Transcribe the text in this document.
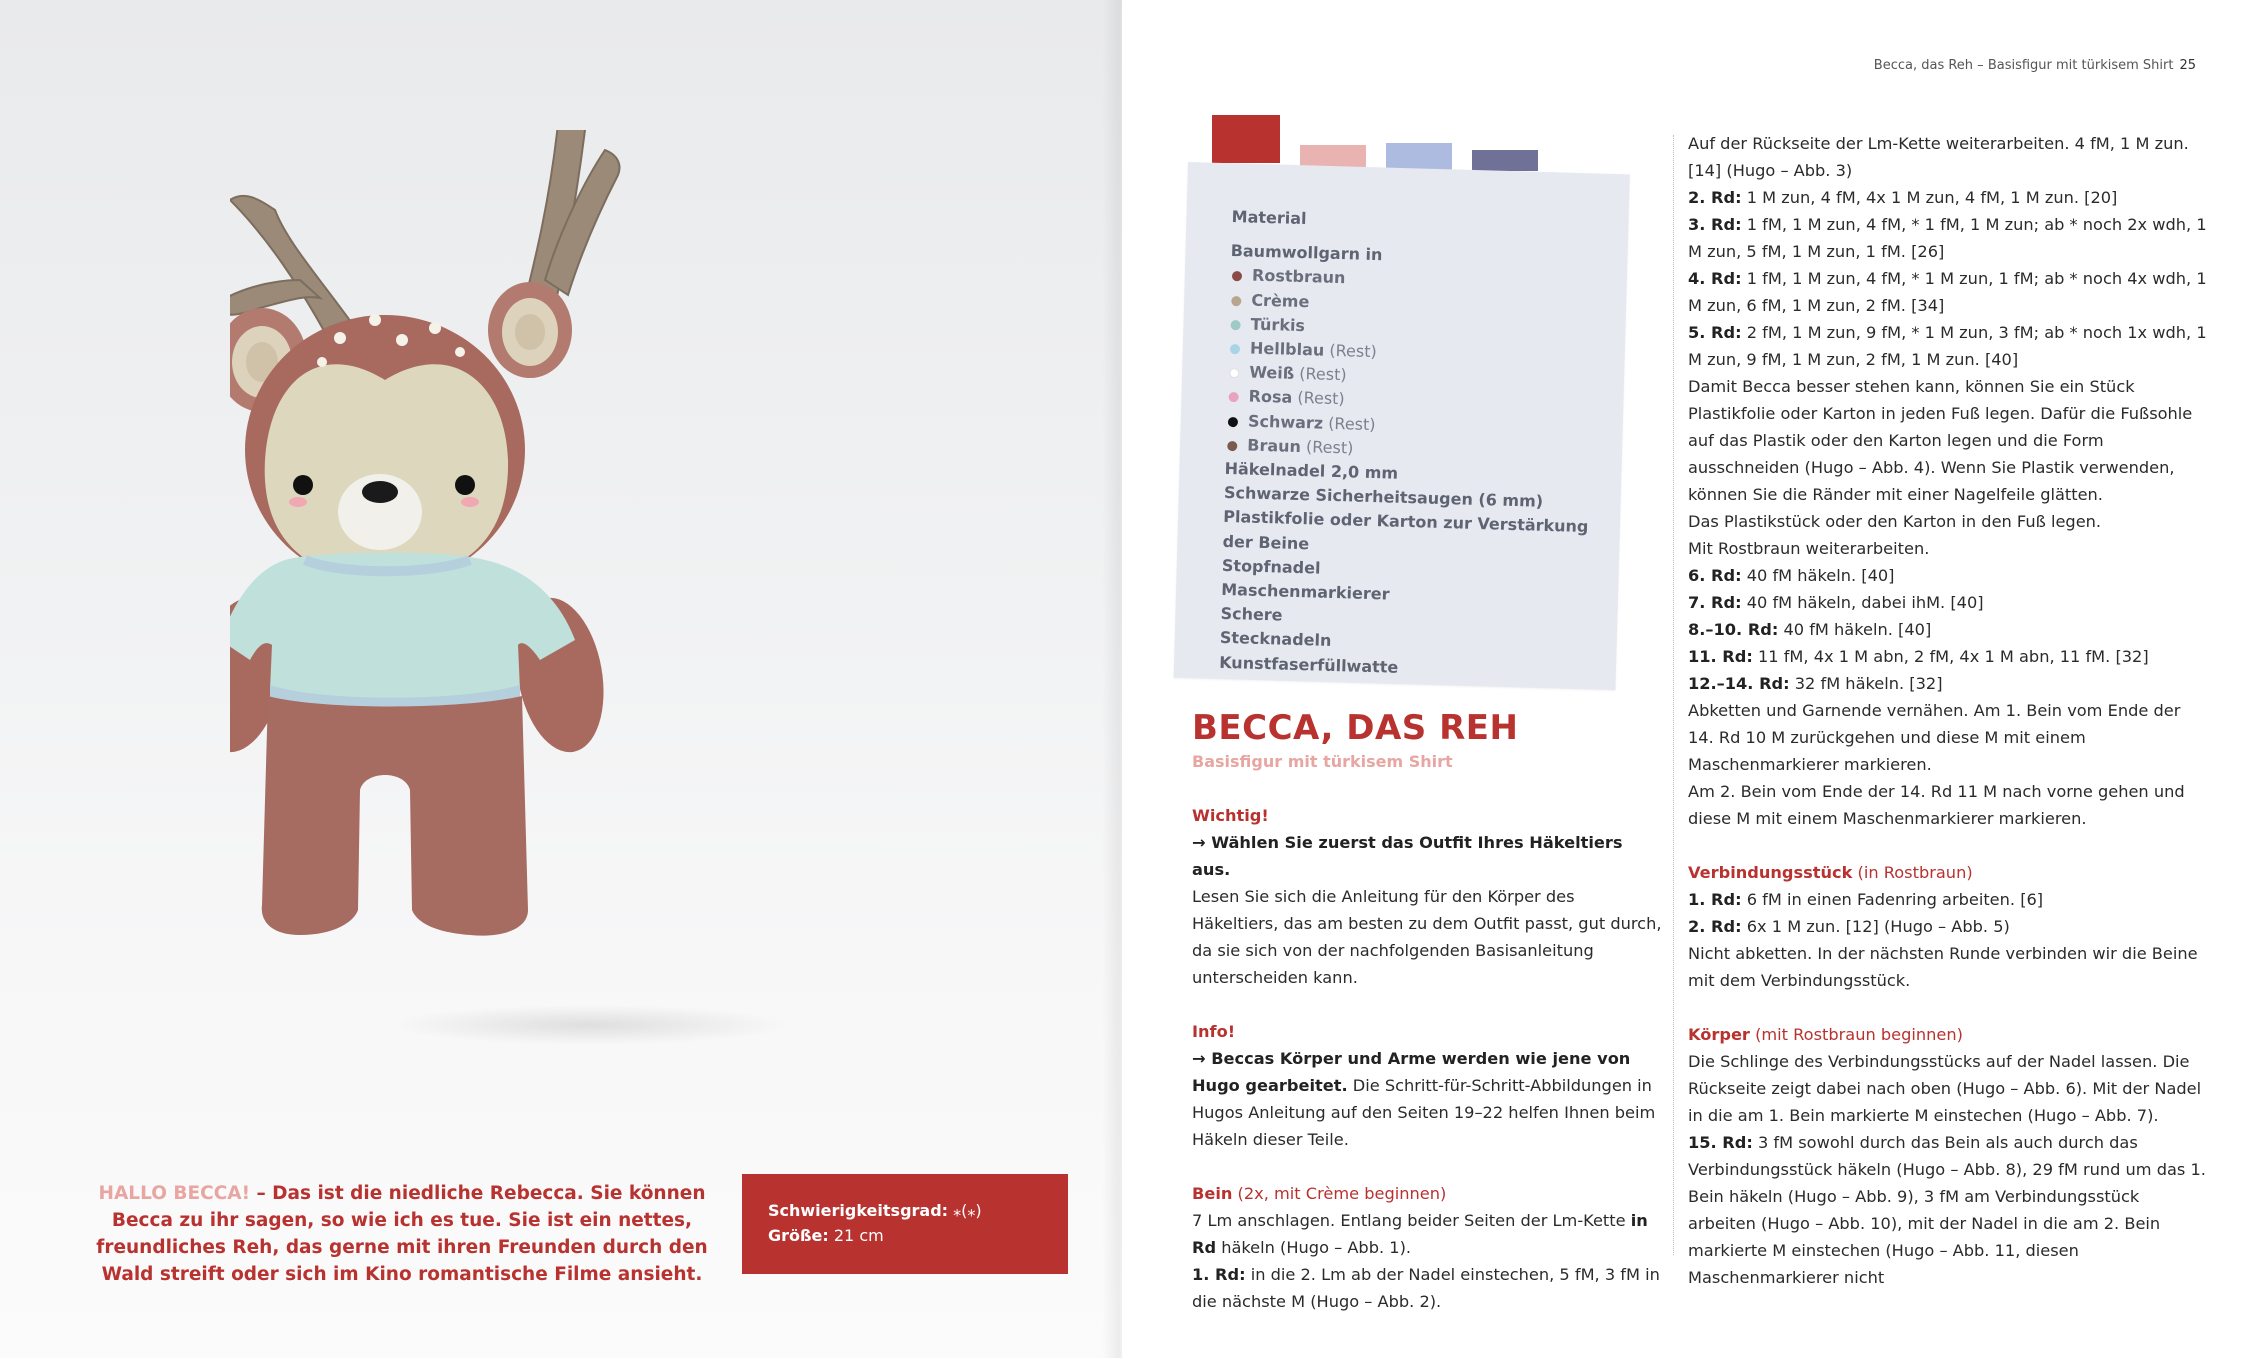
HALLO BECCA! – Das ist die niedliche Rebecca. Sie können Becca zu ihr sagen, so wie ich es tue. Sie ist ein nettes, freundliches Reh, das gerne mit ihren Freunden durch den Wald streift oder sich im Kino romantische Filme ansieht.
Schwierigkeitsgrad: ⁎(⁎)
Größe: 21 cm
Becca, das Reh – Basisfigur mit türkisem Shirt 25
Material
Baumwollgarn in
Rostbraun
Crème
Türkis
Hellblau (Rest)
Weiß (Rest)
Rosa (Rest)
Schwarz (Rest)
Braun (Rest)
Häkelnadel 2,0 mm
Schwarze Sicherheitsaugen (6 mm)
Plastikfolie oder Karton zur Verstärkung der Beine
Stopfnadel
Maschenmarkierer
Schere
Stecknadeln
Kunstfaserfüllwatte
BECCA, DAS REH
Basisfigur mit türkisem Shirt

Wichtig!

→ Wählen Sie zuerst das Outfit Ihres Häkeltiers aus.

Lesen Sie sich die Anleitung für den Körper des Häkeltiers, das am besten zu dem Outfit passt, gut durch, da sie sich von der nachfolgenden Basisanleitung unterscheiden kann.

Info!

→ Beccas Körper und Arme werden wie jene von Hugo gearbeitet. Die Schritt-für-Schritt-Abbildungen in Hugos Anleitung auf den Seiten 19–22 helfen Ihnen beim Häkeln dieser Teile.

Bein (2x, mit Crème beginnen)

7 Lm anschlagen. Entlang beider Seiten der Lm-Kette in Rd häkeln (Hugo – Abb. 1).

1. Rd: in die 2. Lm ab der Nadel einstechen, 5 fM, 3 fM in die nächste M (Hugo – Abb. 2).

Auf der Rückseite der Lm-Kette weiterarbeiten. 4 fM, 1 M zun. [14] (Hugo – Abb. 3)

2. Rd: 1 M zun, 4 fM, 4x 1 M zun, 4 fM, 1 M zun. [20]

3. Rd: 1 fM, 1 M zun, 4 fM, * 1 fM, 1 M zun; ab * noch 2x wdh, 1 M zun, 5 fM, 1 M zun, 1 fM. [26]

4. Rd: 1 fM, 1 M zun, 4 fM, * 1 M zun, 1 fM; ab * noch 4x wdh, 1 M zun, 6 fM, 1 M zun, 2 fM. [34]

5. Rd: 2 fM, 1 M zun, 9 fM, * 1 M zun, 3 fM; ab * noch 1x wdh, 1 M zun, 9 fM, 1 M zun, 2 fM, 1 M zun. [40]

Damit Becca besser stehen kann, können Sie ein Stück Plastikfolie oder Karton in jeden Fuß legen. Dafür die Fußsohle auf das Plastik oder den Karton legen und die Form ausschneiden (Hugo – Abb. 4). Wenn Sie Plastik verwenden, können Sie die Ränder mit einer Nagelfeile glätten.

Das Plastikstück oder den Karton in den Fuß legen.

Mit Rostbraun weiterarbeiten.

6. Rd: 40 fM häkeln. [40]

7. Rd: 40 fM häkeln, dabei ihM. [40]

8.–10. Rd: 40 fM häkeln. [40]

11. Rd: 11 fM, 4x 1 M abn, 2 fM, 4x 1 M abn, 11 fM. [32]

12.–14. Rd: 32 fM häkeln. [32]

Abketten und Garnende vernähen. Am 1. Bein vom Ende der 14. Rd 10 M zurückgehen und diese M mit einem Maschenmarkierer markieren.

Am 2. Bein vom Ende der 14. Rd 11 M nach vorne gehen und diese M mit einem Maschenmarkierer markieren.

Verbindungsstück (in Rostbraun)

1. Rd: 6 fM in einen Fadenring arbeiten. [6]

2. Rd: 6x 1 M zun. [12] (Hugo – Abb. 5)

Nicht abketten. In der nächsten Runde verbinden wir die Beine mit dem Verbindungsstück.

Körper (mit Rostbraun beginnen)

Die Schlinge des Verbindungsstücks auf der Nadel lassen. Die Rückseite zeigt dabei nach oben (Hugo – Abb. 6). Mit der Nadel in die am 1. Bein markierte M einstechen (Hugo – Abb. 7).

15. Rd: 3 fM sowohl durch das Bein als auch durch das Verbindungsstück häkeln (Hugo – Abb. 8), 29 fM rund um das 1. Bein häkeln (Hugo – Abb. 9), 3 fM am Verbindungsstück arbeiten (Hugo – Abb. 10), mit der Nadel in die am 2. Bein markierte M einstechen (Hugo – Abb. 11, diesen Maschenmarkierer nicht
